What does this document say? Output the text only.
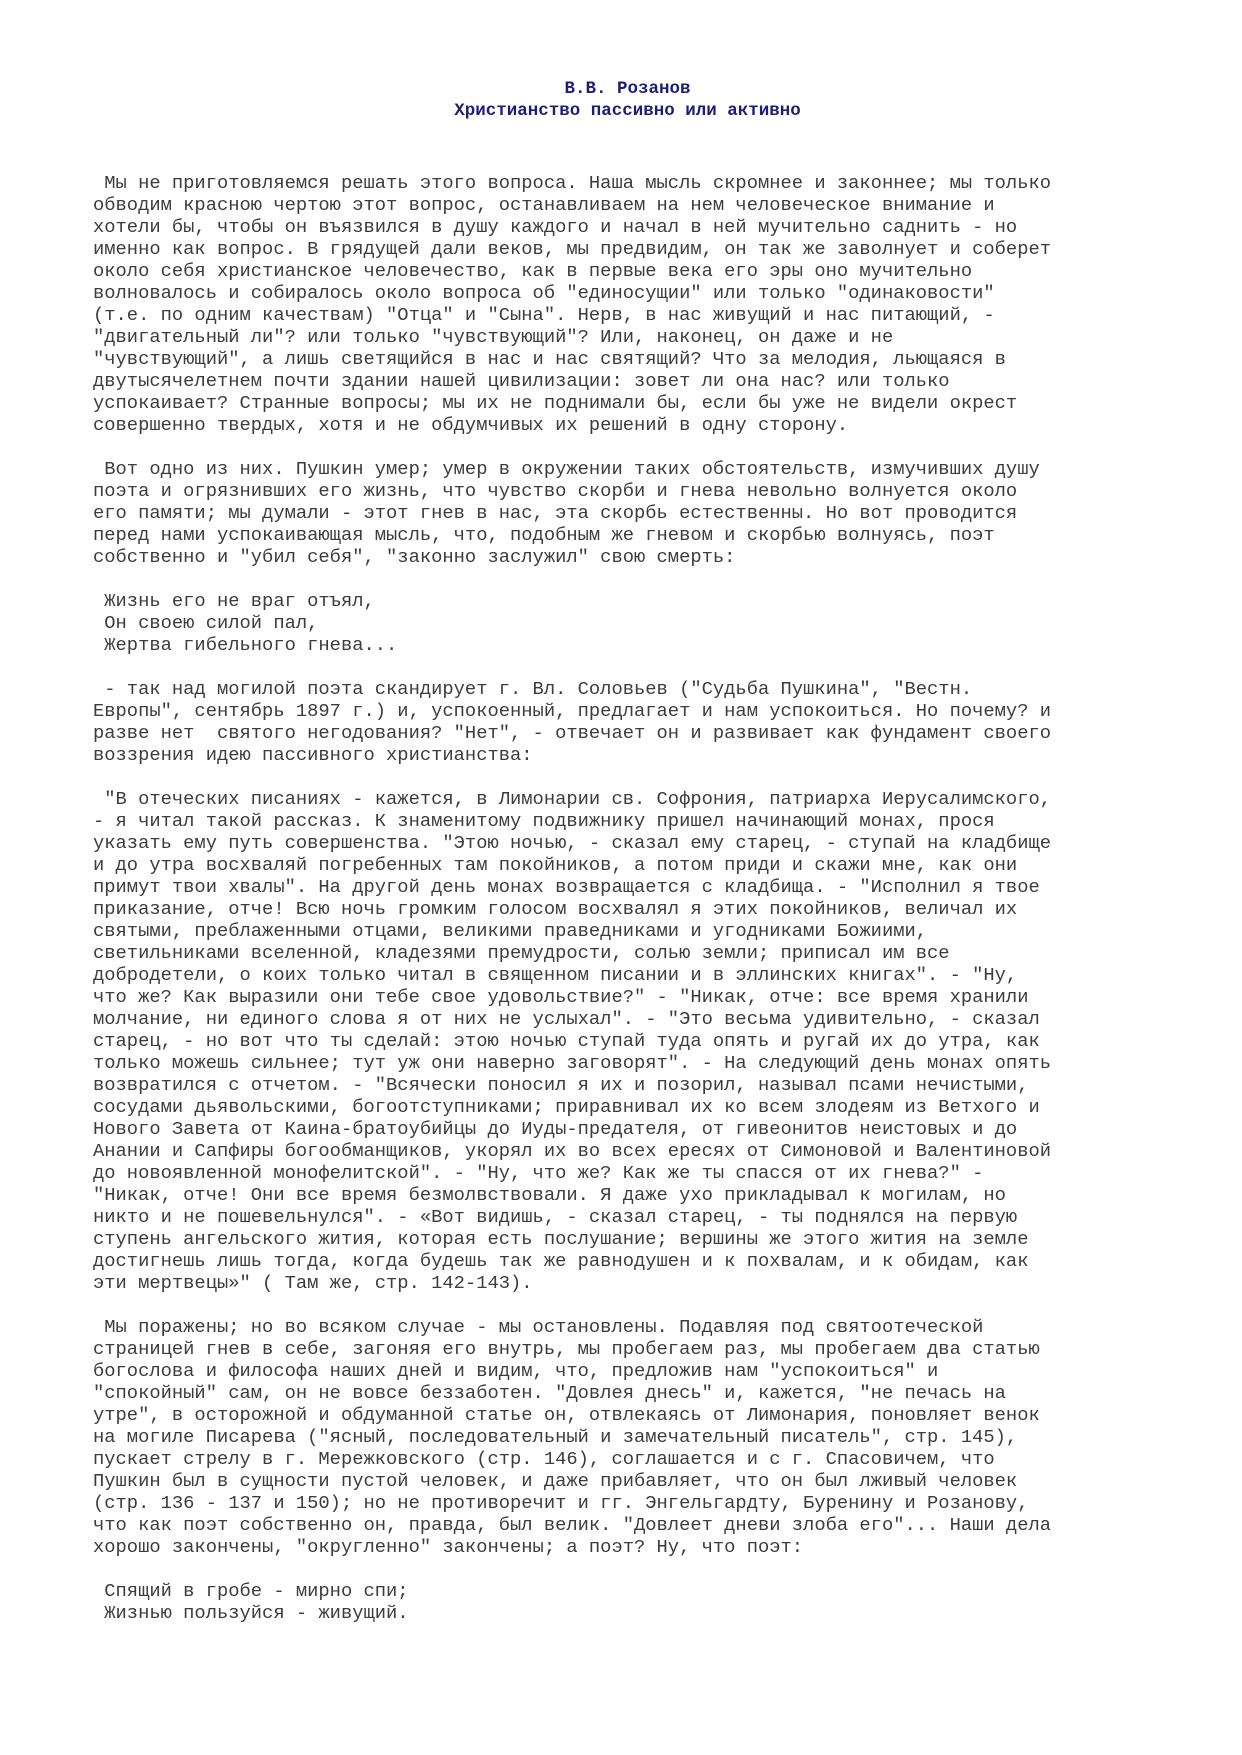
В.В. Розанов

Христианство пассивно или активно

Мы не приготовляемся решать этого вопроса. Наша мысль скромнее и законнее; мы только
обводим красною чертою этот вопрос, останавливаем на нем человеческое внимание и
хотели бы, чтобы он въязвился в душу каждого и начал в ней мучительно саднить - но
именно как вопрос. В грядущей дали веков, мы предвидим, он так же заволнует и соберет
около себя христианское человечество, как в первые века его эры оно мучительно
волновалось и собиралось около вопроса об "единосущии" или только "одинаковости"
(т.е. по одним качествам) "Отца" и "Сына". Нерв, в нас живущий и нас питающий, -
"двигательный ли"? или только "чувствующий"? Или, наконец, он даже и не
"чувствующий", а лишь светящийся в нас и нас святящий? Что за мелодия, льющаяся в
двутысячелетнем почти здании нашей цивилизации: зовет ли она нас? или только
успокаивает? Странные вопросы; мы их не поднимали бы, если бы уже не видели окрест
совершенно твердых, хотя и не обдумчивых их решений в одну сторону.
Вот одно из них. Пушкин умер; умер в окружении таких обстоятельств, измучивших душу
поэта и огрязнивших его жизнь, что чувство скорби и гнева невольно волнуется около
его памяти; мы думали - этот гнев в нас, эта скорбь естественны. Но вот проводится
перед нами успокаивающая мысль, что, подобным же гневом и скорбью волнуясь, поэт
собственно и "убил себя", "законно заслужил" свою смерть:
Жизнь его не враг отъял,
Он своею силой пал,
Жертва гибельного гнева...
- так над могилой поэта скандирует г. Вл. Соловьев ("Судьба Пушкина", "Вестн.
Европы", сентябрь 1897 г.) и, успокоенный, предлагает и нам успокоиться. Но почему? и
разве нет  святого негодования? "Нет", - отвечает он и развивает как фундамент своего
воззрения идею пассивного христианства:
"В отеческих писаниях - кажется, в Лимонарии св. Софрония, патриарха Иерусалимского,
- я читал такой рассказ. К знаменитому подвижнику пришел начинающий монах, прося
указать ему путь совершенства. "Этою ночью, - сказал ему старец, - ступай на кладбище
и до утра восхваляй погребенных там покойников, а потом приди и скажи мне, как они
примут твои хвалы". На другой день монах возвращается с кладбища. - "Исполнил я твое
приказание, отче! Всю ночь громким голосом восхвалял я этих покойников, величал их
святыми, преблаженными отцами, великими праведниками и угодниками Божиими,
светильниками вселенной, кладезями премудрости, солью земли; приписал им все
добродетели, о коих только читал в священном писании и в эллинских книгах". - "Ну,
что же? Как выразили они тебе свое удовольствие?" - "Никак, отче: все время хранили
молчание, ни единого слова я от них не услыхал". - "Это весьма удивительно, - сказал
старец, - но вот что ты сделай: этою ночью ступай туда опять и ругай их до утра, как
только можешь сильнее; тут уж они наверно заговорят". - На следующий день монах опять
возвратился с отчетом. - "Всячески поносил я их и позорил, называл псами нечистыми,
сосудами дьявольскими, богоотступниками; приравнивал их ко всем злодеям из Ветхого и
Нового Завета от Каина-братоубийцы до Иуды-предателя, от гивеонитов неистовых и до
Анании и Сапфиры богообманщиков, укорял их во всех ересях от Симоновой и Валентиновой
до новоявленной монофелитской". - "Ну, что же? Как же ты спасся от их гнева?" -
"Никак, отче! Они все время безмолвствовали. Я даже ухо прикладывал к могилам, но
никто и не пошевельнулся". - «Вот видишь, - сказал старец, - ты поднялся на первую
ступень ангельского жития, которая есть послушание; вершины же этого жития на земле
достигнешь лишь тогда, когда будешь так же равнодушен и к похвалам, и к обидам, как
эти мертвецы»" ( Там же, стр. 142-143).
Мы поражены; но во всяком случае - мы остановлены. Подавляя под святоотеческой
страницей гнев в себе, загоняя его внутрь, мы пробегаем раз, мы пробегаем два статью
богослова и философа наших дней и видим, что, предложив нам "успокоиться" и
"спокойный" сам, он не вовсе беззаботен. "Довлея днесь" и, кажется, "не печась на
утре", в осторожной и обдуманной статье он, отвлекаясь от Лимонария, поновляет венок
на могиле Писарева ("ясный, последовательный и замечательный писатель", стр. 145),
пускает стрелу в г. Мережковского (стр. 146), соглашается и с г. Спасовичем, что
Пушкин был в сущности пустой человек, и даже прибавляет, что он был лживый человек
(стр. 136 - 137 и 150); но не противоречит и гг. Энгельгардту, Буренину и Розанову,
что как поэт собственно он, правда, был велик. "Довлеет дневи злоба его"... Наши дела
хорошо закончены, "округленно" закончены; а поэт? Ну, что поэт:
Спящий в гробе - мирно спи;
Жизнью пользуйся - живущий.
